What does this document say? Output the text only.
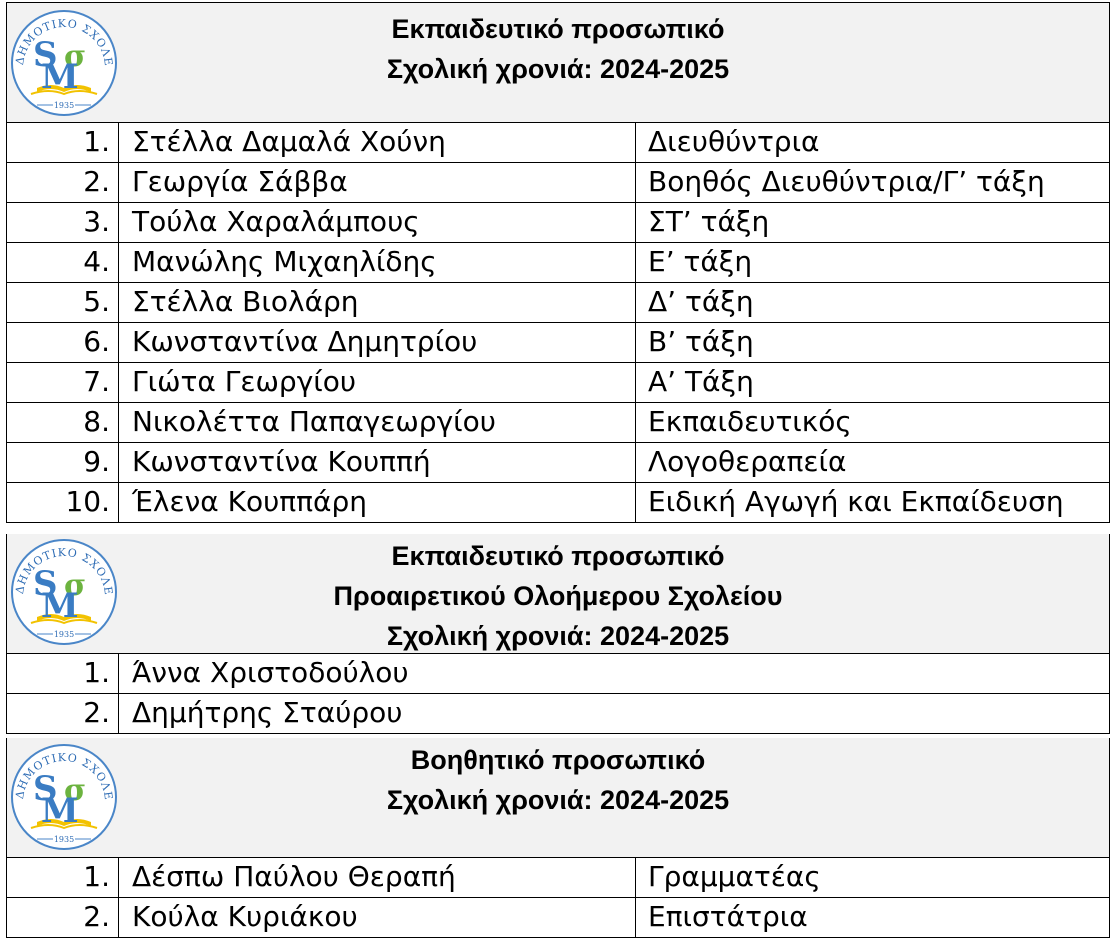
Εκπαιδευτικό προσωπικό
Σχολική χρονιά: 2024-2025
1. Στέλλα Δαμαλά Χούνη	Διευθύντρια
2. Γεωργία Σάββα	Βοηθός Διευθύντρια/Γ’ τάξη
3. Τούλα Χαραλάμπους	ΣΤ’ τάξη
4. Μανώλης Μιχαηλίδης	Ε’ τάξη
5. Στέλλα Βιολάρη	Δ’ τάξη
6. Κωνσταντίνα Δημητρίου	Β’ τάξη
7. Γιώτα Γεωργίου	Α’ Τάξη
8. Νικολέττα Παπαγεωργίου	Εκπαιδευτικός
9. Κωνσταντίνα Κουππή	Λογοθεραπεία
10. Έλενα Κουππάρη	Ειδική Αγωγή και Εκπαίδευση
Εκπαιδευτικό προσωπικό
Προαιρετικού Ολοήμερου Σχολείου
Σχολική χρονιά: 2024-2025
1. Άννα Χριστοδούλου
2. Δημήτρης Σταύρου
Βοηθητικό προσωπικό
Σχολική χρονιά: 2024-2025
1. Δέσπω Παύλου Θεραπή	Γραμματέας
2. Κούλα Κυριάκου	Επιστάτρια
